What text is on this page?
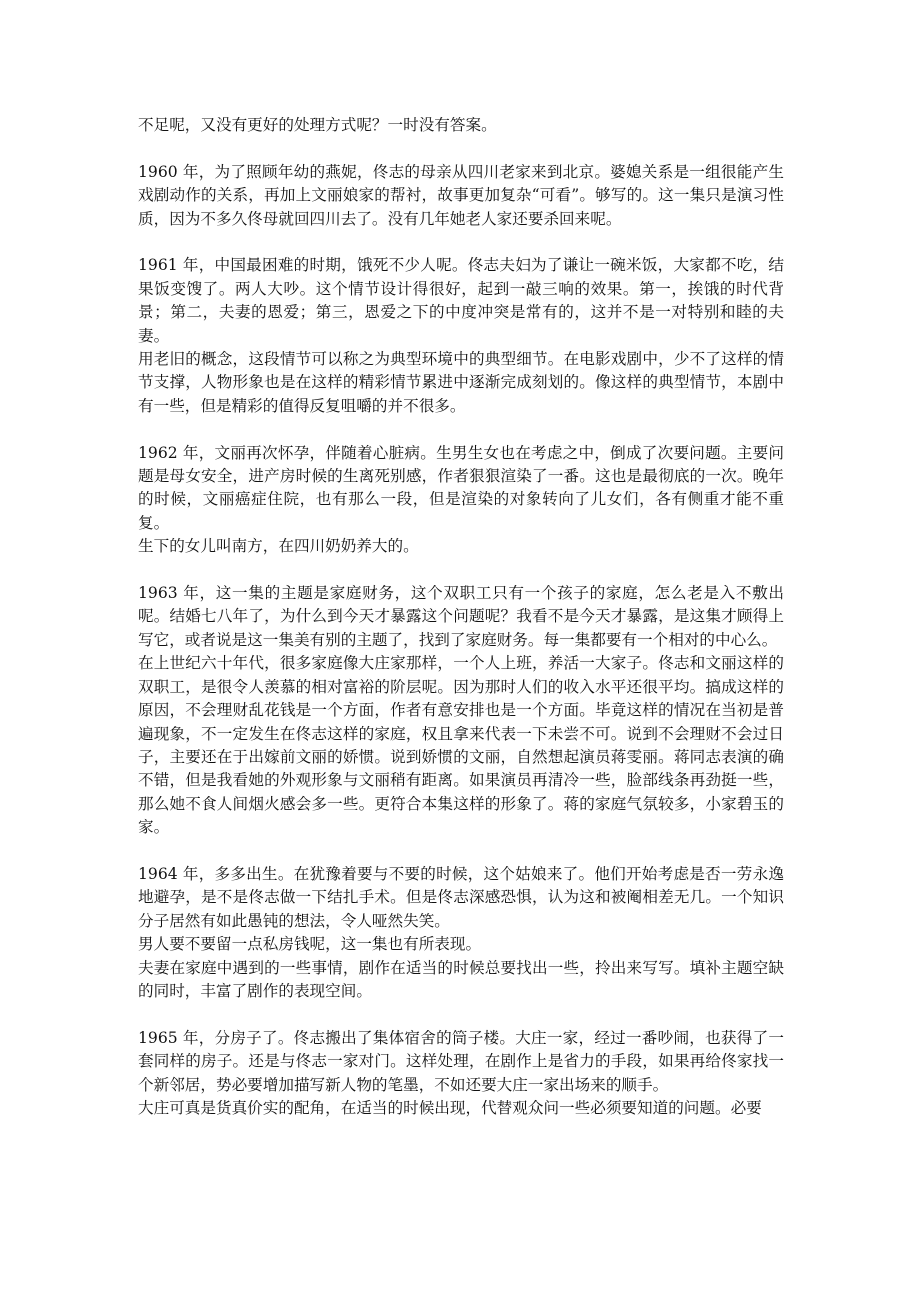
不足呢，又没有更好的处理方式呢？一时没有答案。

1960 年，为了照顾年幼的燕妮，佟志的母亲从四川老家来到北京。婆媳关系是一组很能产生戏剧动作的关系，再加上文丽娘家的帮衬，故事更加复杂“可看”。够写的。这一集只是演习性质，因为不多久佟母就回四川去了。没有几年她老人家还要杀回来呢。

1961 年，中国最困难的时期，饿死不少人呢。佟志夫妇为了谦让一碗米饭，大家都不吃，结果饭变馊了。两人大吵。这个情节设计得很好，起到一敲三响的效果。第一，挨饿的时代背景；第二，夫妻的恩爱；第三，恩爱之下的中度冲突是常有的，这并不是一对特别和睦的夫妻。

用老旧的概念，这段情节可以称之为典型环境中的典型细节。在电影戏剧中，少不了这样的情节支撑，人物形象也是在这样的精彩情节累进中逐渐完成刻划的。像这样的典型情节，本剧中有一些，但是精彩的值得反复咀嚼的并不很多。

1962 年，文丽再次怀孕，伴随着心脏病。生男生女也在考虑之中，倒成了次要问题。主要问题是母女安全，进产房时候的生离死别感，作者狠狠渲染了一番。这也是最彻底的一次。晚年的时候，文丽癌症住院，也有那么一段，但是渲染的对象转向了儿女们，各有侧重才能不重复。

生下的女儿叫南方，在四川奶奶养大的。

1963 年，这一集的主题是家庭财务，这个双职工只有一个孩子的家庭，怎么老是入不敷出呢。结婚七八年了，为什么到今天才暴露这个问题呢？我看不是今天才暴露，是这集才顾得上写它，或者说是这一集美有别的主题了，找到了家庭财务。每一集都要有一个相对的中心么。

在上世纪六十年代，很多家庭像大庄家那样，一个人上班，养活一大家子。佟志和文丽这样的双职工，是很令人羡慕的相对富裕的阶层呢。因为那时人们的收入水平还很平均。搞成这样的原因，不会理财乱花钱是一个方面，作者有意安排也是一个方面。毕竟这样的情况在当初是普遍现象，不一定发生在佟志这样的家庭，权且拿来代表一下未尝不可。说到不会理财不会过日子，主要还在于出嫁前文丽的娇惯。说到娇惯的文丽，自然想起演员蒋雯丽。蒋同志表演的确不错，但是我看她的外观形象与文丽稍有距离。如果演员再清冷一些，脸部线条再劲挺一些，那么她不食人间烟火感会多一些。更符合本集这样的形象了。蒋的家庭气氛较多，小家碧玉的家。

1964 年，多多出生。在犹豫着要与不要的时候，这个姑娘来了。他们开始考虑是否一劳永逸地避孕，是不是佟志做一下结扎手术。但是佟志深感恐惧，认为这和被阉相差无几。一个知识分子居然有如此愚钝的想法，令人哑然失笑。

男人要不要留一点私房钱呢，这一集也有所表现。

夫妻在家庭中遇到的一些事情，剧作在适当的时候总要找出一些，拎出来写写。填补主题空缺的同时，丰富了剧作的表现空间。

1965 年，分房子了。佟志搬出了集体宿舍的筒子楼。大庄一家，经过一番吵闹，也获得了一套同样的房子。还是与佟志一家对门。这样处理，在剧作上是省力的手段，如果再给佟家找一个新邻居，势必要增加描写新人物的笔墨，不如还要大庄一家出场来的顺手。

大庄可真是货真价实的配角，在适当的时候出现，代替观众问一些必须要知道的问题。必要
